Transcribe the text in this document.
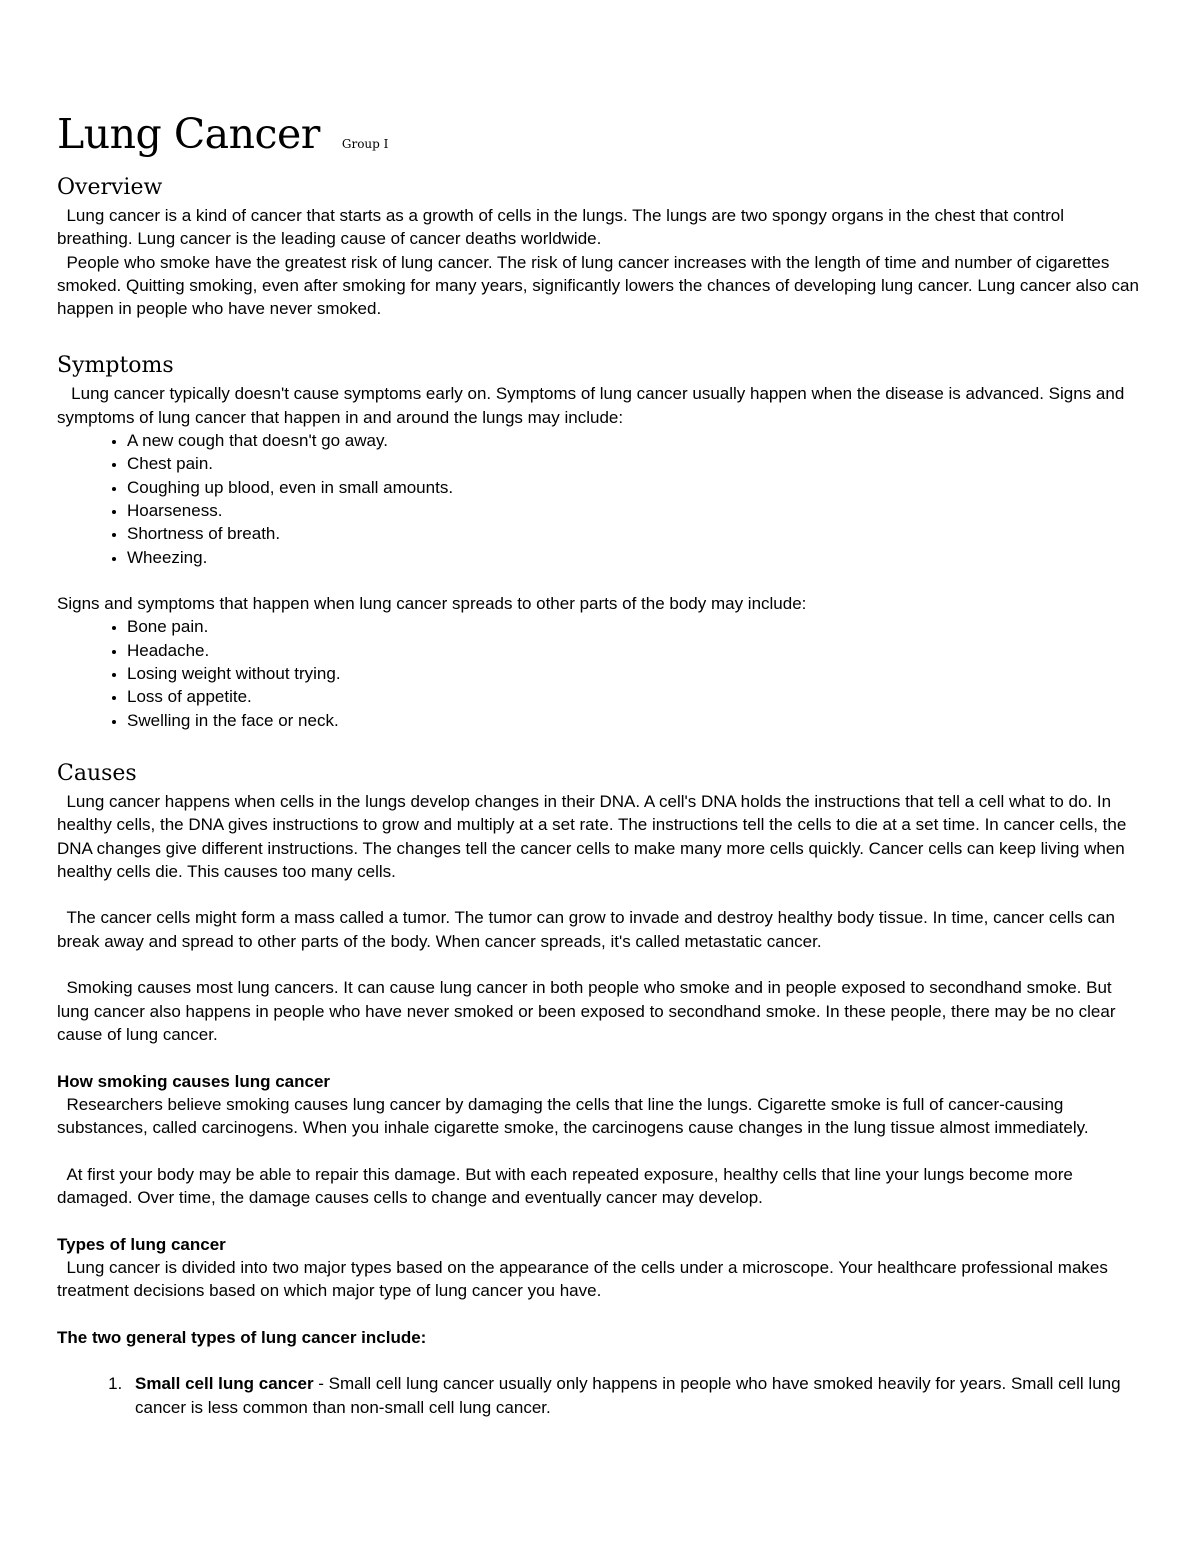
Lung Cancer Group I
Overview

Lung cancer is a kind of cancer that starts as a growth of cells in the lungs. The lungs are two spongy organs in the chest that control breathing. Lung cancer is the leading cause of cancer deaths worldwide.

People who smoke have the greatest risk of lung cancer. The risk of lung cancer increases with the length of time and number of cigarettes smoked. Quitting smoking, even after smoking for many years, significantly lowers the chances of developing lung cancer. Lung cancer also can happen in people who have never smoked.

Symptoms

Lung cancer typically doesn't cause symptoms early on. Symptoms of lung cancer usually happen when the disease is advanced. Signs and symptoms of lung cancer that happen in and around the lungs may include:

• A new cough that doesn't go away.
• Chest pain.
• Coughing up blood, even in small amounts.
• Hoarseness.
• Shortness of breath.
• Wheezing.

Signs and symptoms that happen when lung cancer spreads to other parts of the body may include:

• Bone pain.
• Headache.
• Losing weight without trying.
• Loss of appetite.
• Swelling in the face or neck.
Causes

Lung cancer happens when cells in the lungs develop changes in their DNA. A cell's DNA holds the instructions that tell a cell what to do. In healthy cells, the DNA gives instructions to grow and multiply at a set rate. The instructions tell the cells to die at a set time. In cancer cells, the DNA changes give different instructions. The changes tell the cancer cells to make many more cells quickly. Cancer cells can keep living when healthy cells die. This causes too many cells.

The cancer cells might form a mass called a tumor. The tumor can grow to invade and destroy healthy body tissue. In time, cancer cells can break away and spread to other parts of the body. When cancer spreads, it's called metastatic cancer.

Smoking causes most lung cancers. It can cause lung cancer in both people who smoke and in people exposed to secondhand smoke. But lung cancer also happens in people who have never smoked or been exposed to secondhand smoke. In these people, there may be no clear cause of lung cancer.

How smoking causes lung cancer

Researchers believe smoking causes lung cancer by damaging the cells that line the lungs. Cigarette smoke is full of cancer-causing substances, called carcinogens. When you inhale cigarette smoke, the carcinogens cause changes in the lung tissue almost immediately.

At first your body may be able to repair this damage. But with each repeated exposure, healthy cells that line your lungs become more damaged. Over time, the damage causes cells to change and eventually cancer may develop.

Types of lung cancer

Lung cancer is divided into two major types based on the appearance of the cells under a microscope. Your healthcare professional makes treatment decisions based on which major type of lung cancer you have.

The two general types of lung cancer include:

1. Small cell lung cancer - Small cell lung cancer usually only happens in people who have smoked heavily for years. Small cell lung cancer is less common than non-small cell lung cancer.
